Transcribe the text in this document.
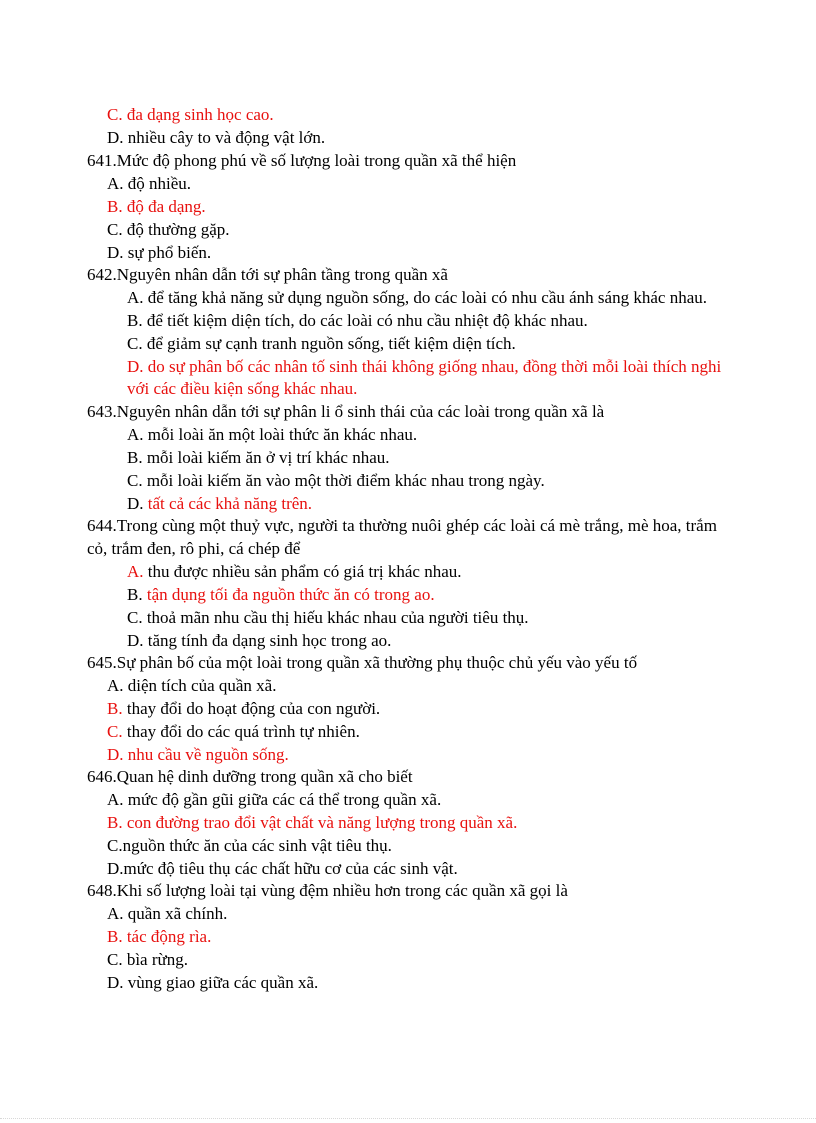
C. đa dạng sinh học cao.
D. nhiều cây to và động vật lớn.
641.Mức độ phong phú về số lượng loài trong quần xã thể hiện
A. độ nhiều.
B. độ đa dạng.
C. độ thường gặp.
D. sự phổ biến.
642.Nguyên nhân dẫn tới sự phân tầng trong quần xã
A. để tăng khả năng sử dụng nguồn sống, do các loài có nhu cầu ánh sáng khác nhau.
B. để tiết kiệm diện tích, do các loài có nhu cầu nhiệt độ khác nhau.
C. để giảm sự cạnh tranh nguồn sống, tiết kiệm diện tích.
D. do sự phân bố các nhân tố sinh thái không giống nhau, đồng thời mỗi loài thích nghi
với các điều kiện sống khác nhau.
643.Nguyên nhân dẫn tới sự phân li ổ sinh thái của các loài trong quần xã là
A. mỗi loài ăn một loài thức ăn khác nhau.
B. mỗi loài kiếm ăn ở vị trí khác nhau.
C. mỗi loài kiếm ăn vào một thời điểm khác nhau trong ngày.
D. tất cả các khả năng trên.
644.Trong cùng một thuỷ vực, người ta thường nuôi ghép các loài cá mè trắng, mè hoa, trắm
cỏ, trắm đen, rô phi, cá chép để
A. thu được nhiều sản phẩm có giá trị khác nhau.
B. tận dụng tối đa nguồn thức ăn có trong ao.
C. thoả mãn nhu cầu thị hiếu khác nhau của người tiêu thụ.
D. tăng tính đa dạng sinh học trong ao.
645.Sự phân bố của một loài trong quần xã thường phụ thuộc chủ yếu vào yếu tố
A. diện tích của quần xã.
B. thay đổi do hoạt động của con người.
C. thay đổi do các quá trình tự nhiên.
D. nhu cầu về nguồn sống.
646.Quan hệ dinh dưỡng trong quần xã cho biết
A. mức độ gần gũi giữa các cá thể trong quần xã.
B. con đường trao đổi vật chất và năng lượng trong quần xã.
C.nguồn thức ăn của các sinh vật tiêu thụ.
D.mức độ tiêu thụ các chất hữu cơ của các sinh vật.
648.Khi số lượng loài tại vùng đệm nhiều hơn trong các quần xã gọi là
A. quần xã chính.
B. tác động rìa.
C. bìa rừng.
D. vùng giao giữa các quần xã.
